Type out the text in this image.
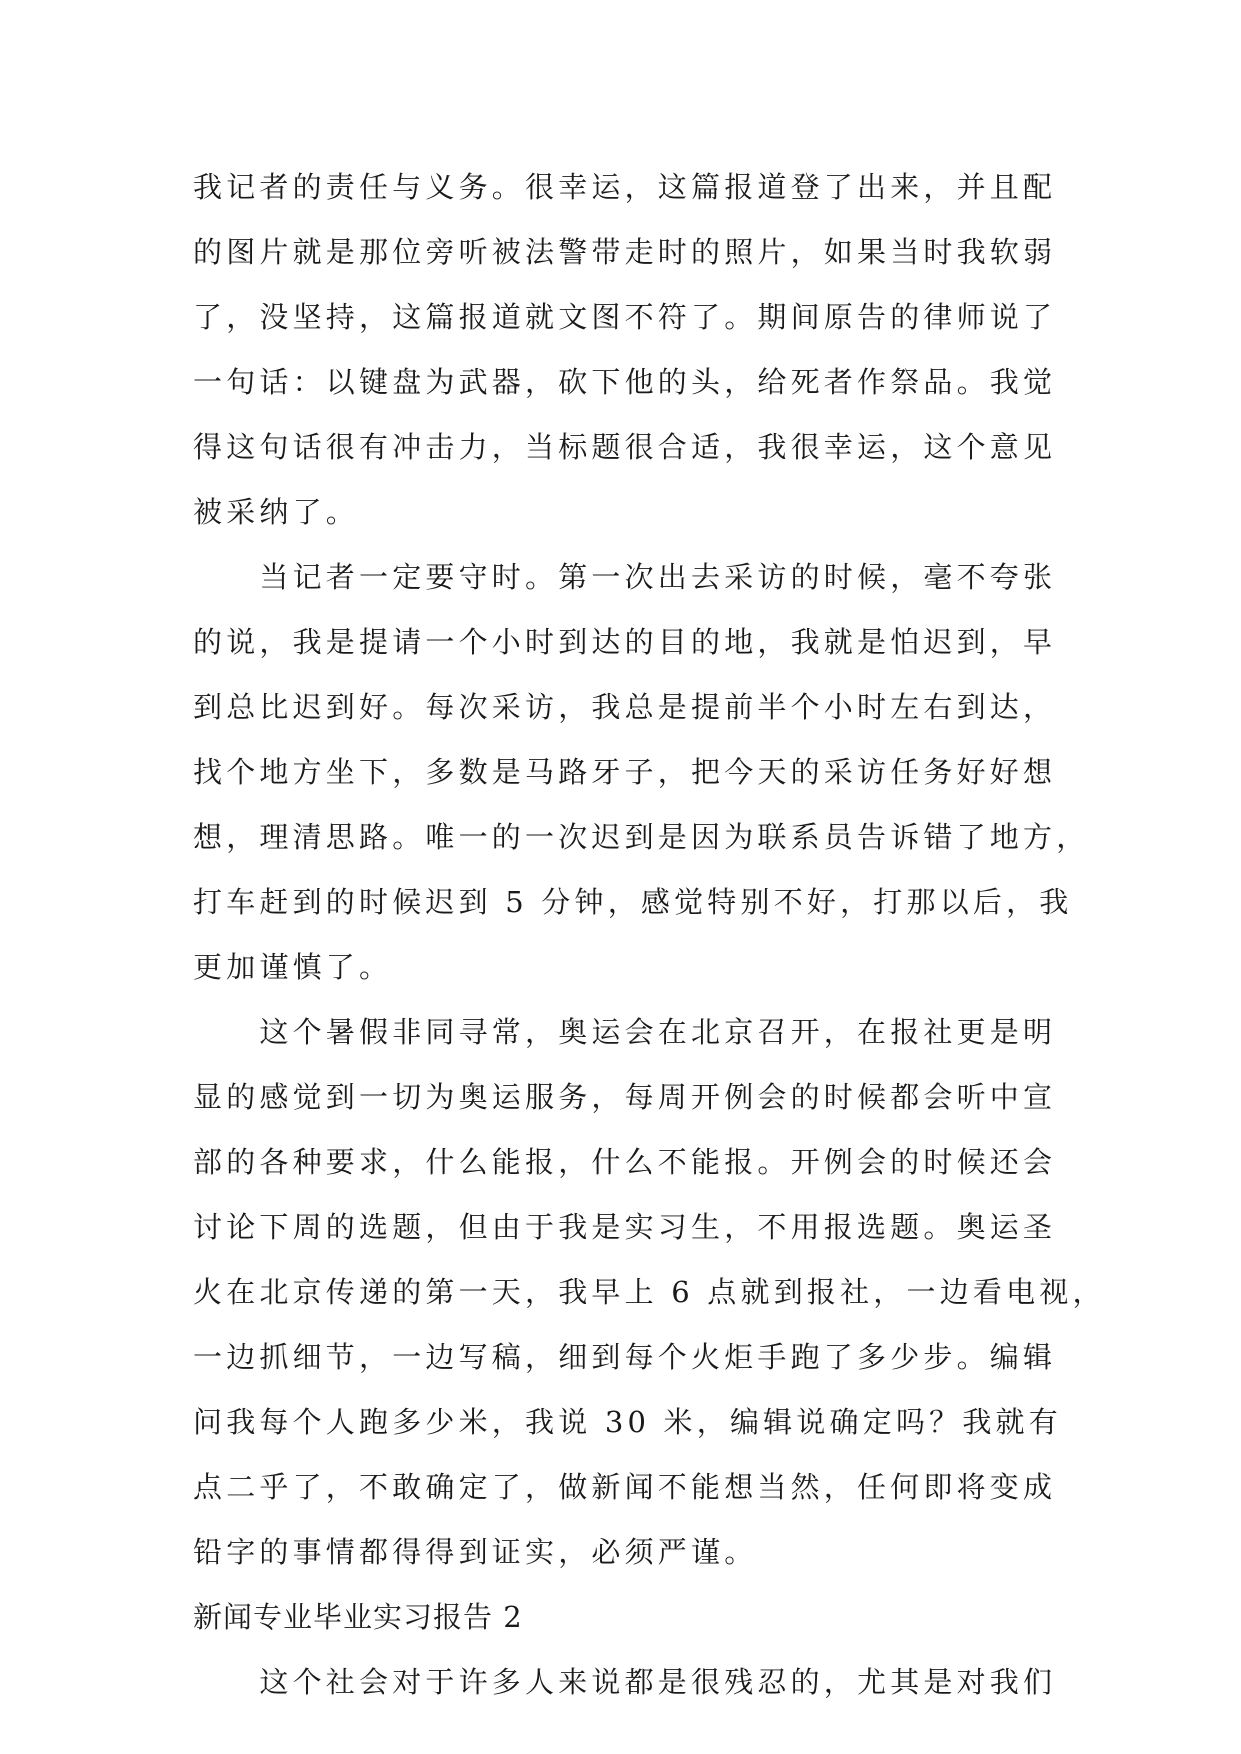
我记者的责任与义务。很幸运，这篇报道登了出来，并且配
的图片就是那位旁听被法警带走时的照片，如果当时我软弱
了，没坚持，这篇报道就文图不符了。期间原告的律师说了
一句话：以键盘为武器，砍下他的头，给死者作祭品。我觉
得这句话很有冲击力，当标题很合适，我很幸运，这个意见
被采纳了。
　　当记者一定要守时。第一次出去采访的时候，毫不夸张
的说，我是提请一个小时到达的目的地，我就是怕迟到，早
到总比迟到好。每次采访，我总是提前半个小时左右到达，
找个地方坐下，多数是马路牙子，把今天的采访任务好好想
想，理清思路。唯一的一次迟到是因为联系员告诉错了地方，
打车赶到的时候迟到 5 分钟，感觉特别不好，打那以后，我
更加谨慎了。
　　这个暑假非同寻常，奥运会在北京召开，在报社更是明
显的感觉到一切为奥运服务，每周开例会的时候都会听中宣
部的各种要求，什么能报，什么不能报。开例会的时候还会
讨论下周的选题，但由于我是实习生，不用报选题。奥运圣
火在北京传递的第一天，我早上 6 点就到报社，一边看电视，
一边抓细节，一边写稿，细到每个火炬手跑了多少步。编辑
问我每个人跑多少米，我说 30 米，编辑说确定吗？我就有
点二乎了，不敢确定了，做新闻不能想当然，任何即将变成
铅字的事情都得得到证实，必须严谨。
新闻专业毕业实习报告 2
　　这个社会对于许多人来说都是很残忍的，尤其是对我们
